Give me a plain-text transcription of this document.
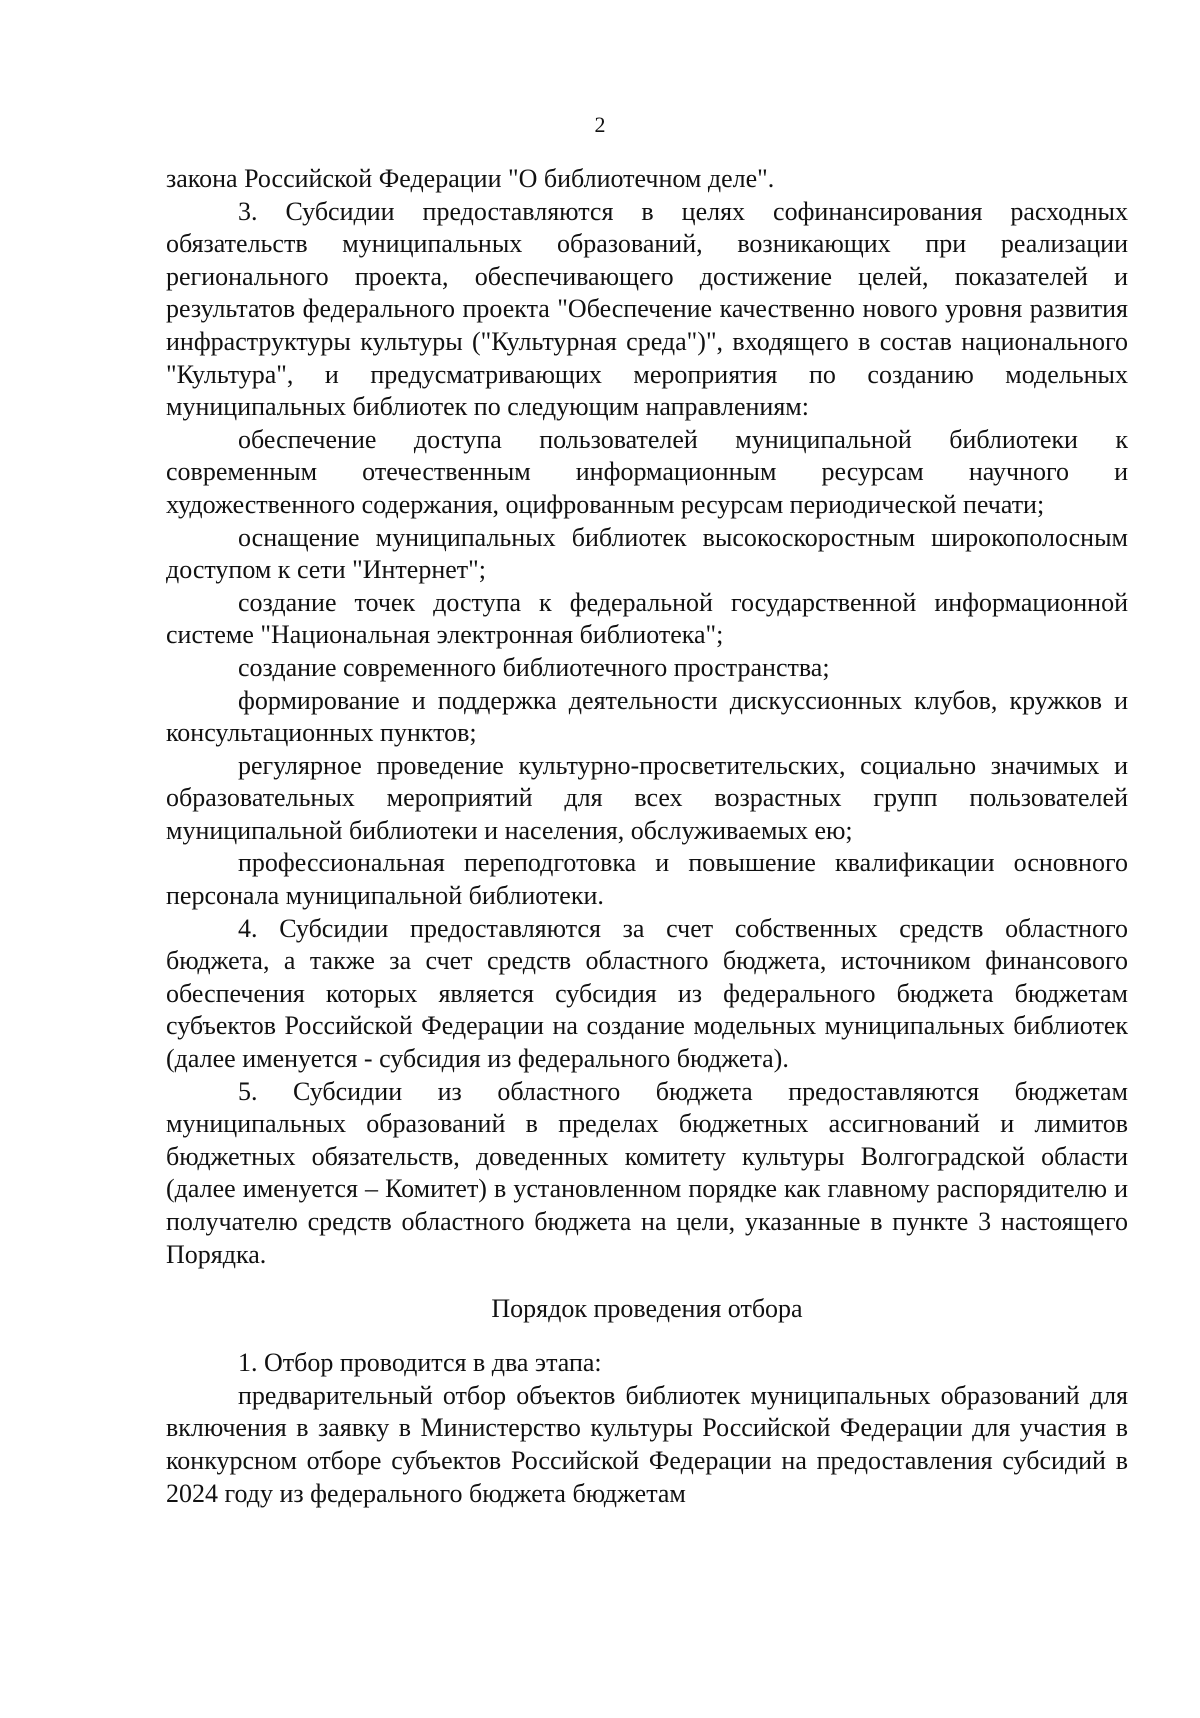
2

закона Российской Федерации "О библиотечном деле".

3. Субсидии предоставляются в целях софинансирования расходных обязательств муниципальных образований, возникающих при реализации регионального проекта, обеспечивающего достижение целей, показателей и результатов федерального проекта "Обеспечение качественно нового уровня развития инфраструктуры культуры ("Культурная среда")", входящего в состав национального "Культура", и предусматривающих мероприятия по созданию модельных муниципальных библиотек по следующим направлениям:

обеспечение доступа пользователей муниципальной библиотеки к современным отечественным информационным ресурсам научного и художественного содержания, оцифрованным ресурсам периодической печати;

оснащение муниципальных библиотек высокоскоростным широкополосным доступом к сети "Интернет";

создание точек доступа к федеральной государственной информационной системе "Национальная электронная библиотека";

создание современного библиотечного пространства;

формирование и поддержка деятельности дискуссионных клубов, кружков и консультационных пунктов;

регулярное проведение культурно-просветительских, социально значимых и образовательных мероприятий для всех возрастных групп пользователей муниципальной библиотеки и населения, обслуживаемых ею;

профессиональная переподготовка и повышение квалификации основного персонала муниципальной библиотеки.

4. Субсидии предоставляются за счет собственных средств областного бюджета, а также за счет средств областного бюджета, источником финансового обеспечения которых является субсидия из федерального бюджета бюджетам субъектов Российской Федерации на создание модельных муниципальных библиотек (далее именуется - субсидия из федерального бюджета).

5. Субсидии из областного бюджета предоставляются бюджетам муниципальных образований в пределах бюджетных ассигнований и лимитов бюджетных обязательств, доведенных комитету культуры Волгоградской области (далее именуется – Комитет) в установленном порядке как главному распорядителю и получателю средств областного бюджета на цели, указанные в пункте 3 настоящего Порядка.

Порядок проведения отбора

1. Отбор проводится в два этапа:

предварительный отбор объектов библиотек муниципальных образований для включения в заявку в Министерство культуры Российской Федерации для участия в конкурсном отборе субъектов Российской Федерации на предоставления субсидий в 2024 году из федерального бюджета бюджетам
